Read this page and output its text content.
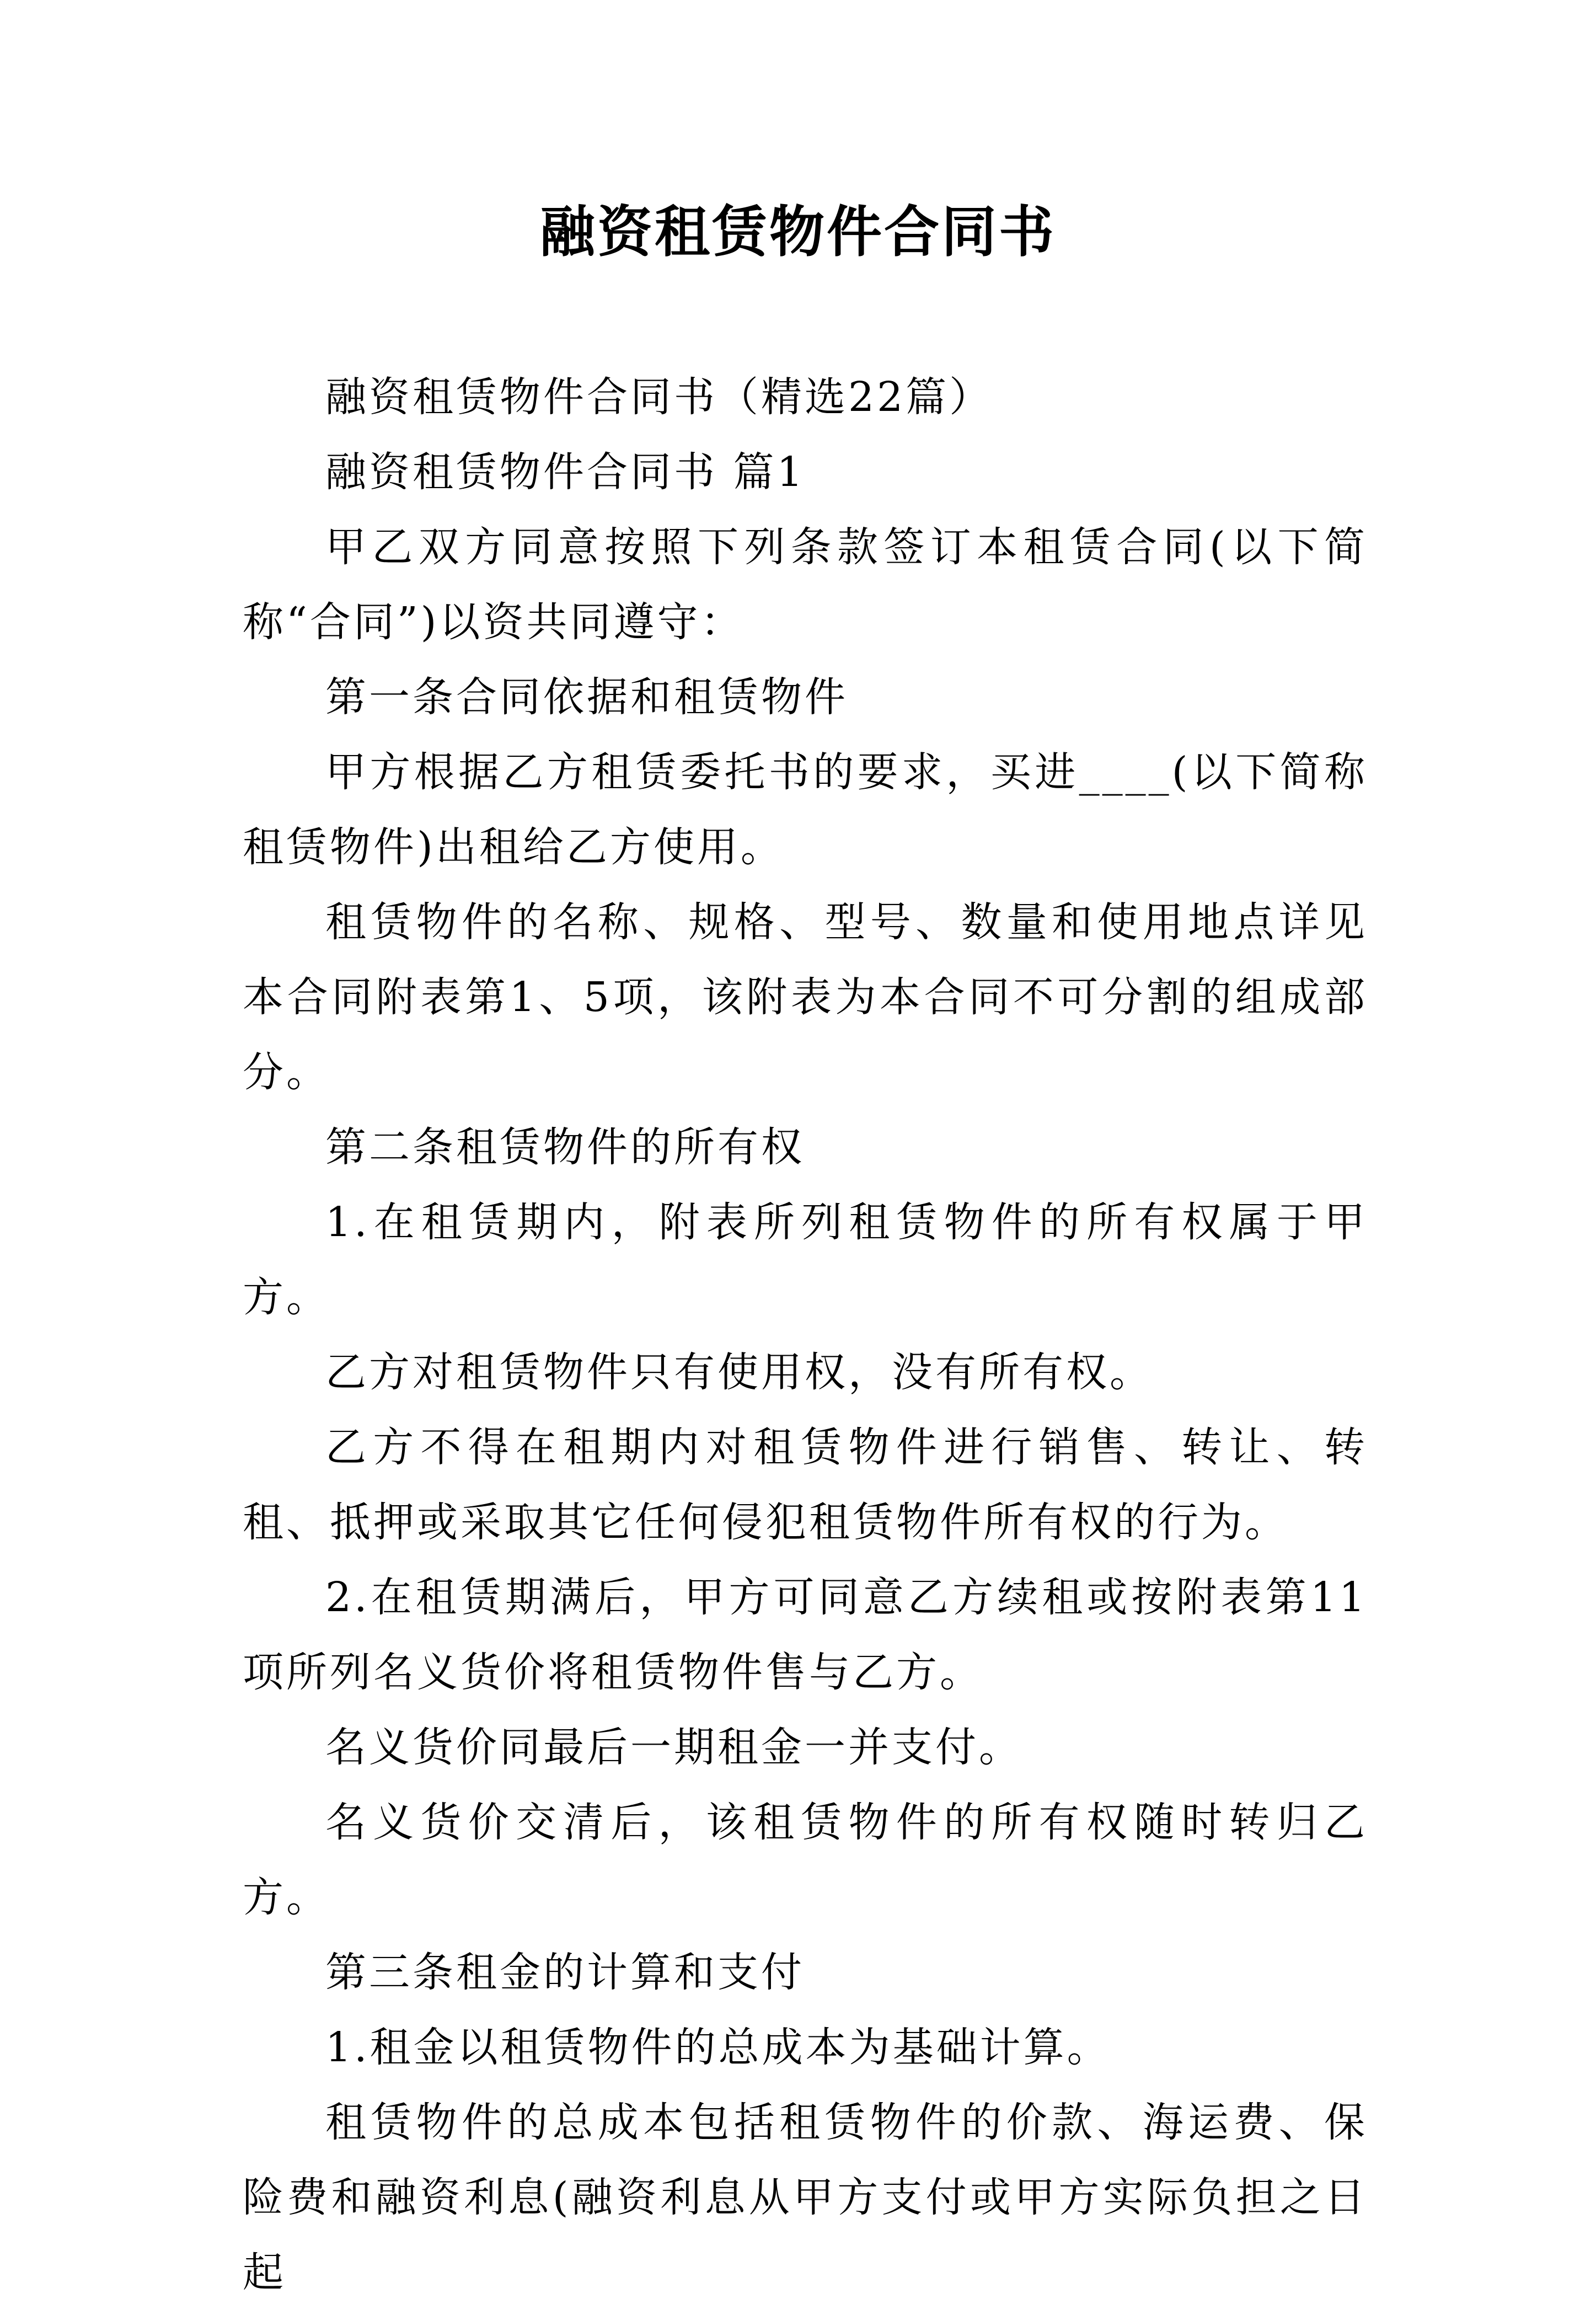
融资租赁物件合同书

融资租赁物件合同书（精选22篇）

融资租赁物件合同书 篇1

甲乙双方同意按照下列条款签订本租赁合同(以下简称“合同”)以资共同遵守：

第一条合同依据和租赁物件

甲方根据乙方租赁委托书的要求，买进____(以下简称租赁物件)出租给乙方使用。

租赁物件的名称、规格、型号、数量和使用地点详见本合同附表第1、5项，该附表为本合同不可分割的组成部分。

第二条租赁物件的所有权

1.在租赁期内，附表所列租赁物件的所有权属于甲方。

乙方对租赁物件只有使用权，没有所有权。

乙方不得在租期内对租赁物件进行销售、转让、转租、抵押或采取其它任何侵犯租赁物件所有权的行为。

2.在租赁期满后，甲方可同意乙方续租或按附表第11项所列名义货价将租赁物件售与乙方。

名义货价同最后一期租金一并支付。

名义货价交清后，该租赁物件的所有权随时转归乙方。

第三条租金的计算和支付

1.租金以租赁物件的总成本为基础计算。

租赁物件的总成本包括租赁物件的价款、海运费、保险费和融资利息(融资利息从甲方支付或甲方实际负担之日起
